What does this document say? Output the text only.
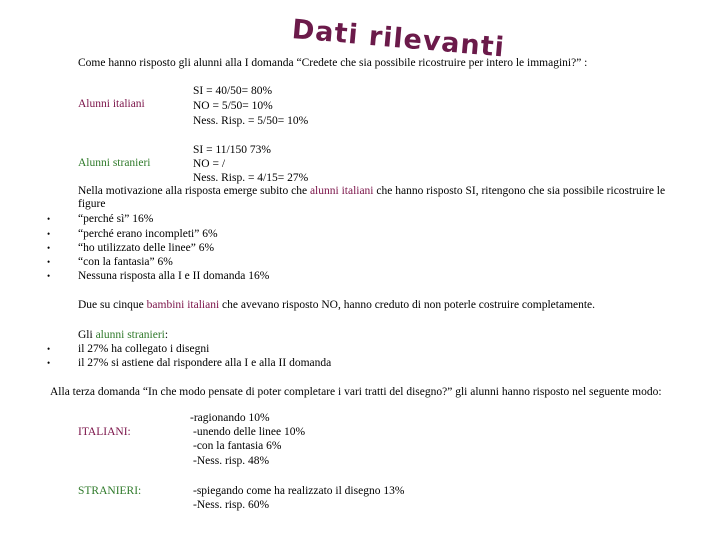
Dati rilevanti
Come hanno risposto gli alunni alla I domanda “Credete che sia possibile ricostruire per intero le immagini?” :
Alunni italiani
SI = 40/50= 80%
NO = 5/50= 10%
Ness. Risp. = 5/50= 10%
SI = 11/150 73%
Alunni stranieri	NO = /
Ness. Risp. = 4/15= 27%
Nella motivazione alla risposta emerge subito che alunni italiani che hanno risposto SI, ritengono che sia possibile ricostruire le figure
• “perché sì” 16%
• “perché erano incompleti” 6%
• “ho utilizzato delle linee” 6%
• “con la fantasia” 6%
• Nessuna risposta alla I e II domanda 16%
Due su cinque bambini italiani che avevano risposto NO, hanno creduto di non poterle costruire completamente.
Gli alunni stranieri:
• il 27% ha collegato i disegni
• il 27% si astiene dal rispondere alla I e alla II domanda
Alla terza domanda “In che modo pensate di poter completare i vari tratti del disegno?” gli alunni hanno risposto nel seguente modo:
ITALIANI:
-ragionando 10%
-unendo delle linee 10%
-con la fantasia 6%
-Ness. risp. 48%
STRANIERI:	-spiegando come ha realizzato il disegno 13%
-Ness. risp. 60%
